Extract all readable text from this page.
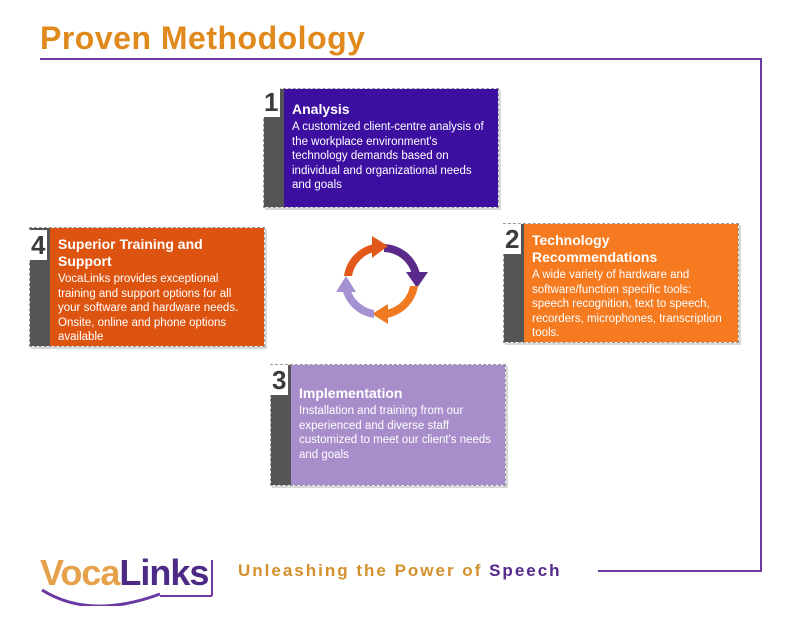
Proven Methodology
1 Analysis
A customized client-centre analysis of the workplace environment's technology demands based on individual and organizational needs and goals
2 Technology Recommendations
A wide variety of hardware and software/function specific tools: speech recognition, text to speech, recorders, microphones, transcription tools.
3 Implementation
Installation and training from our experienced and diverse staff customized to meet our client's needs and goals
4 Superior Training and Support
VocaLinks provides exceptional training and support options for all your software and hardware needs. Onsite, online and phone options available
VocaLinks Unleashing the Power of Speech
